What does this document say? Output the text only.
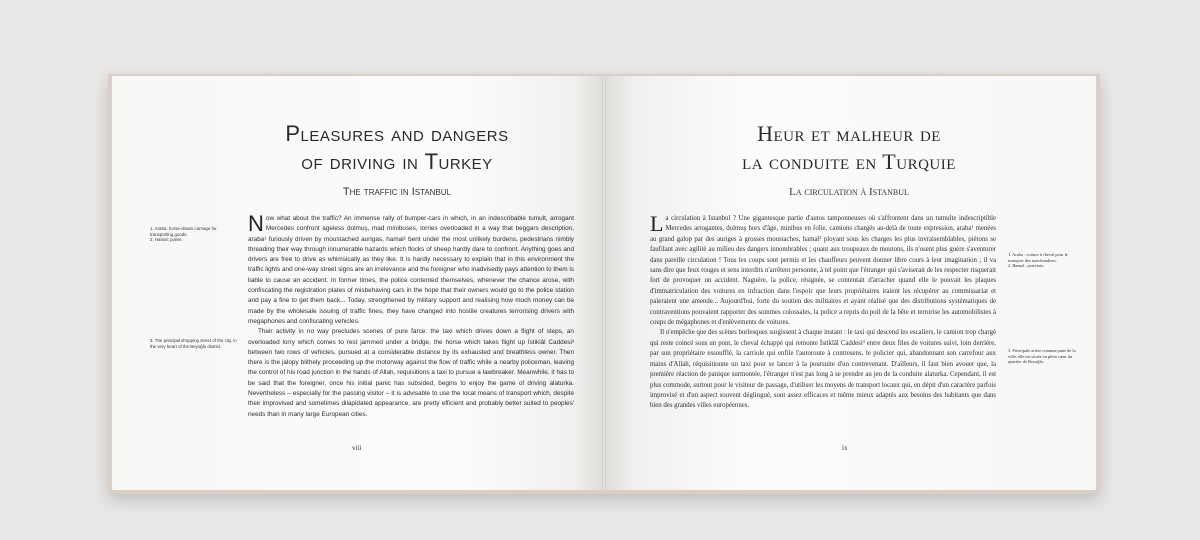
Pleasures and dangers
of driving in Turkey
The traffic in Istanbul
1. Araba: horse-drawn carriage for transporting goods.
2. Hamal: porter.
3. The principal shopping street of the city, in the very heart of the Beyoğlu district.

Now what about the traffic? An immense rally of bumper-cars in which, in an indescribable tumult, arrogant Mercedes confront ageless dolmuş, mad minibuses, lorries overloaded in a way that beggars description, araba¹ furiously driven by moustached aurigas, hamal² bent under the most unlikely burdens, pedestrians nimbly threading their way through innumerable hazards which flocks of sheep hardly dare to confront. Anything goes and drivers are free to drive as whimsically as they like. It is hardly necessary to explain that in this environment the traffic lights and one-way street signs are an irrelevance and the foreigner who inadvisedly pays attention to them is liable to cause an accident. In former times, the police contented themselves, whenever the chance arose, with confiscating the registration plates of misbehaving cars in the hope that their owners would go to the police station and pay a fine to get them back... Today, strengthened by military support and realising how much money can be made by the wholesale issuing of traffic fines, they have changed into hostile creatures terrorising drivers with megaphones and confiscating vehicles.

Their activity in no way precludes scenes of pure farce: the taxi which drives down a flight of steps, an overloaded lorry which comes to rest jammed under a bridge, the horse which takes flight up İstiklâl Caddesi³ between two rows of vehicles, pursued at a considerable distance by its exhausted and breathless owner. Then there is the jalopy blithely proceeding up the motorway against the flow of traffic while a nearby policeman, leaving the control of his road junction in the hands of Allah, requisitions a taxi to pursue a lawbreaker. Meanwhile, it has to be said that the foreigner, once his initial panic has subsided, begins to enjoy the game of driving alaturka. Nevertheless – especially for the passing visitor – it is advisable to use the local means of transport which, despite their improvised and sometimes dilapidated appearance, are pretty efficient and probably better suited to peoples' needs than in many large European cities.

viii
Heur et malheur de
la conduite en Turquie
La circulation à Istanbul

La circulation à Istanbul ? Une gigantesque partie d'autos tamponneuses où s'affrontent dans un tumulte indescriptible Mercedes arrogantes, dolmuş hors d'âge, minibus en folie, camions chargés au-delà de toute expression, araba¹ menées au grand galop par des auriges à grosses moustaches, hamal² ployant sous les charges les plus invraisemblables, piétons se faufilant avec agilité au milieu des dangers innombrables ; quant aux troupeaux de moutons, ils n'osent plus guère s'aventurer dans pareille circulation ! Tous les coups sont permis et les chauffeurs peuvent donner libre cours à leur imagination ; il va sans dire que feux rouges et sens interdits n'arrêtent personne, à tel point que l'étranger qui s'aviserait de les respecter risquerait fort de provoquer un accident. Naguère, la police, résignée, se contentait d'arracher quand elle le pouvait les plaques d'immatriculation des voitures en infraction dans l'espoir que leurs propriétaires iraient les récupérer au commissariat et paieraient une amende... Aujourd'hui, forte du soutien des militaires et ayant réalisé que des distributions systématiques de contraventions pouvaient rapporter des sommes colossales, la police a repris du poil de la bête et terrorise les automobilistes à coups de mégaphones et d'enlèvements de voitures.

Il n'empêche que des scènes burlesques surgissent à chaque instant : le taxi qui descend les escaliers, le camion trop chargé qui reste coincé sous un pont, le cheval échappé qui remonte İstiklâl Caddesi³ entre deux files de voitures suivi, loin derrière, par son propriétaire essoufflé, la carriole qui enfile l'autoroute à contresens, le policier qui, abandonnant son carrefour aux mains d'Allah, réquisitionne un taxi pour se lancer à la poursuite d'un contrevenant. D'ailleurs, il faut bien avouer que, la première réaction de panique surmontée, l'étranger n'est pas long à se prendre au jeu de la conduite alaturka. Cependant, il est plus commode, surtout pour le visiteur de passage, d'utiliser les moyens de transport locaux qui, en dépit d'un caractère parfois improvisé et d'un aspect souvent déglingué, sont assez efficaces et même mieux adaptés aux besoins des habitants que dans bien des grandes villes européennes.

1. Araba : voiture à cheval pour le transport des marchandises.
2. Hamal : portefaix.
3. Principale artère commerçante de la ville, elle est située en plein cœur du quartier de Beyoğlu.
ix
